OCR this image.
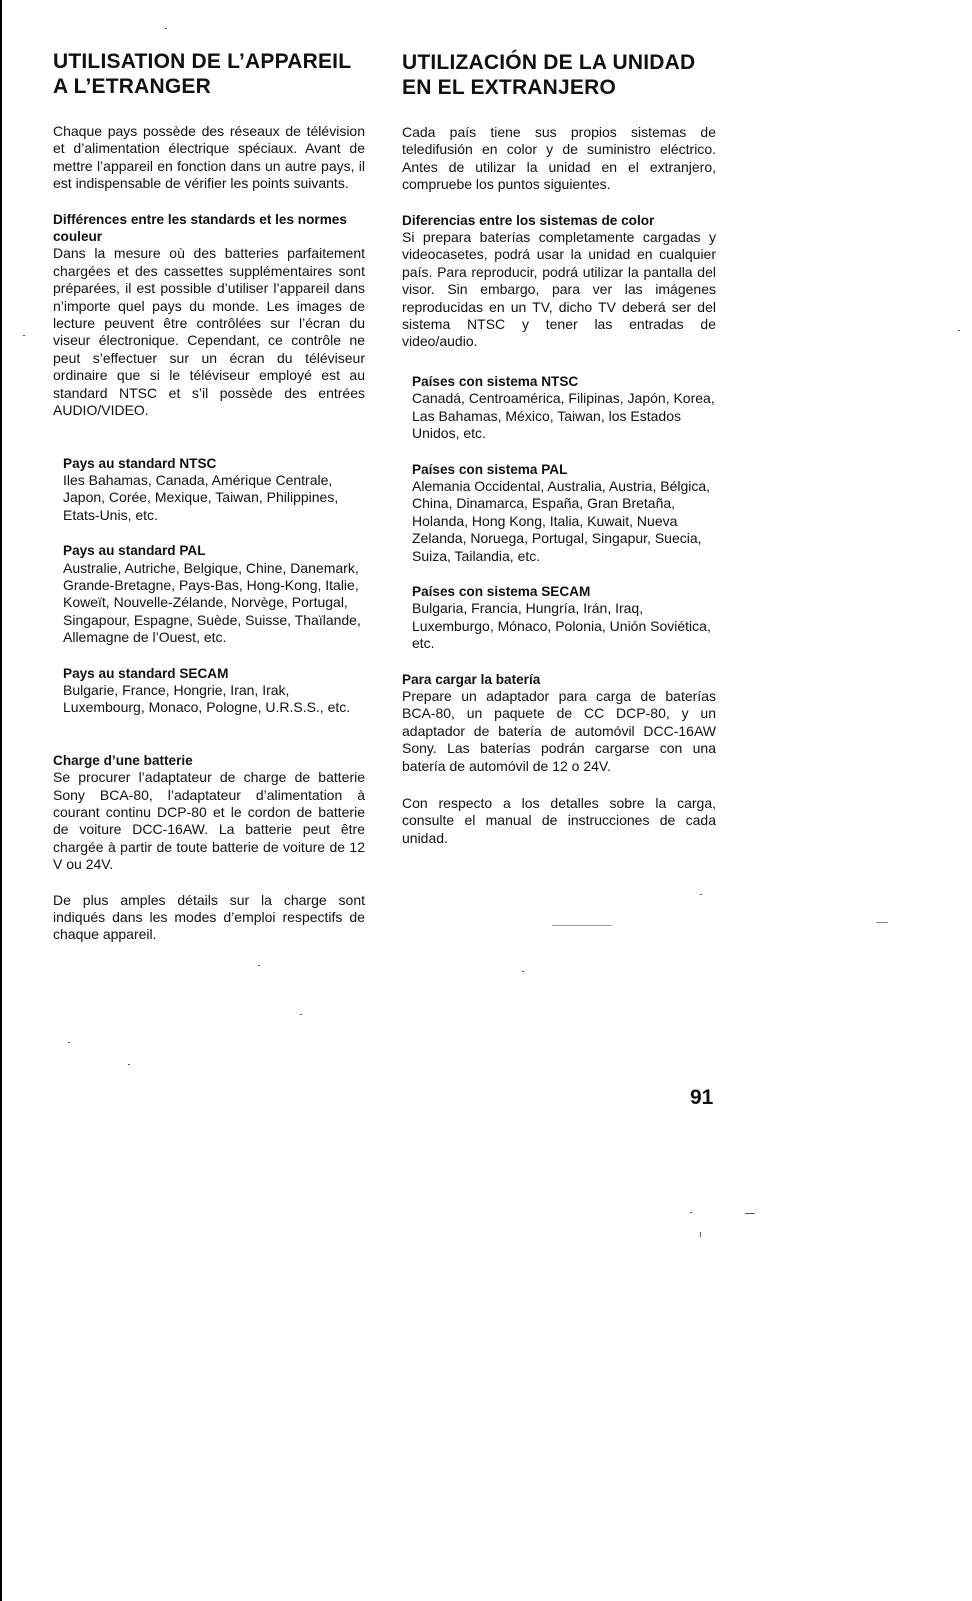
UTILISATION DE L’APPAREIL
A L’ETRANGER

Chaque pays possède des réseaux de télévision et d’alimentation électrique spéciaux. Avant de mettre l’appareil en fonction dans un autre pays, il est indispensable de vérifier les points suivants.

Différences entre les standards et les normes couleur

Dans la mesure où des batteries parfaitement chargées et des cassettes supplémentaires sont préparées, il est possible d’utiliser l’appareil dans n’importe quel pays du monde. Les images de lecture peuvent être contrôlées sur l’écran du viseur électronique. Cependant, ce contrôle ne peut s’effectuer sur un écran du téléviseur ordinaire que si le téléviseur employé est au standard NTSC et s’il possède des entrées AUDIO/VIDEO.

Pays au standard NTSC

Iles Bahamas, Canada, Amérique Centrale, Japon, Corée, Mexique, Taiwan, Philippines, Etats-Unis, etc.

Pays au standard PAL

Australie, Autriche, Belgique, Chine, Danemark, Grande-Bretagne, Pays-Bas, Hong-Kong, Italie, Koweït, Nouvelle-Zélande, Norvège, Portugal, Singapour, Espagne, Suède, Suisse, Thaïlande, Allemagne de l’Ouest, etc.

Pays au standard SECAM

Bulgarie, France, Hongrie, Iran, Irak, Luxembourg, Monaco, Pologne, U.R.S.S., etc.

Charge d’une batterie

Se procurer l’adaptateur de charge de batterie Sony BCA-80, l’adaptateur d’alimentation à courant continu DCP-80 et le cordon de batterie de voiture DCC-16AW. La batterie peut être chargée à partir de toute batterie de voiture de 12 V ou 24V.

De plus amples détails sur la charge sont indiqués dans les modes d’emploi respectifs de chaque appareil.

UTILIZACIÓN DE LA UNIDAD
EN EL EXTRANJERO

Cada país tiene sus propios sistemas de teledifusión en color y de suministro eléctrico. Antes de utilizar la unidad en el extranjero, compruebe los puntos siguientes.

Diferencias entre los sistemas de color

Si prepara baterías completamente cargadas y videocasetes, podrá usar la unidad en cualquier país. Para reproducir, podrá utilizar la pantalla del visor. Sin embargo, para ver las imágenes reproducidas en un TV, dicho TV deberá ser del sistema NTSC y tener las entradas de video/audio.

Países con sistema NTSC

Canadá, Centroamérica, Filipinas, Japón, Korea, Las Bahamas, México, Taiwan, los Estados Unidos, etc.

Países con sistema PAL

Alemania Occidental, Australia, Austria, Bélgica, China, Dinamarca, España, Gran Bretaña, Holanda, Hong Kong, Italia, Kuwait, Nueva Zelanda, Noruega, Portugal, Singapur, Suecia, Suiza, Tailandia, etc.

Países con sistema SECAM

Bulgaria, Francia, Hungría, Irán, Iraq, Luxemburgo, Mónaco, Polonia, Unión Soviética, etc.

Para cargar la batería

Prepare un adaptador para carga de baterías BCA-80, un paquete de CC DCP-80, y un adaptador de batería de automóvil DCC-16AW Sony. Las baterías podrán cargarse con una batería de automóvil de 12 o 24V.

Con respecto a los detalles sobre la carga, consulte el manual de instrucciones de cada unidad.

91
